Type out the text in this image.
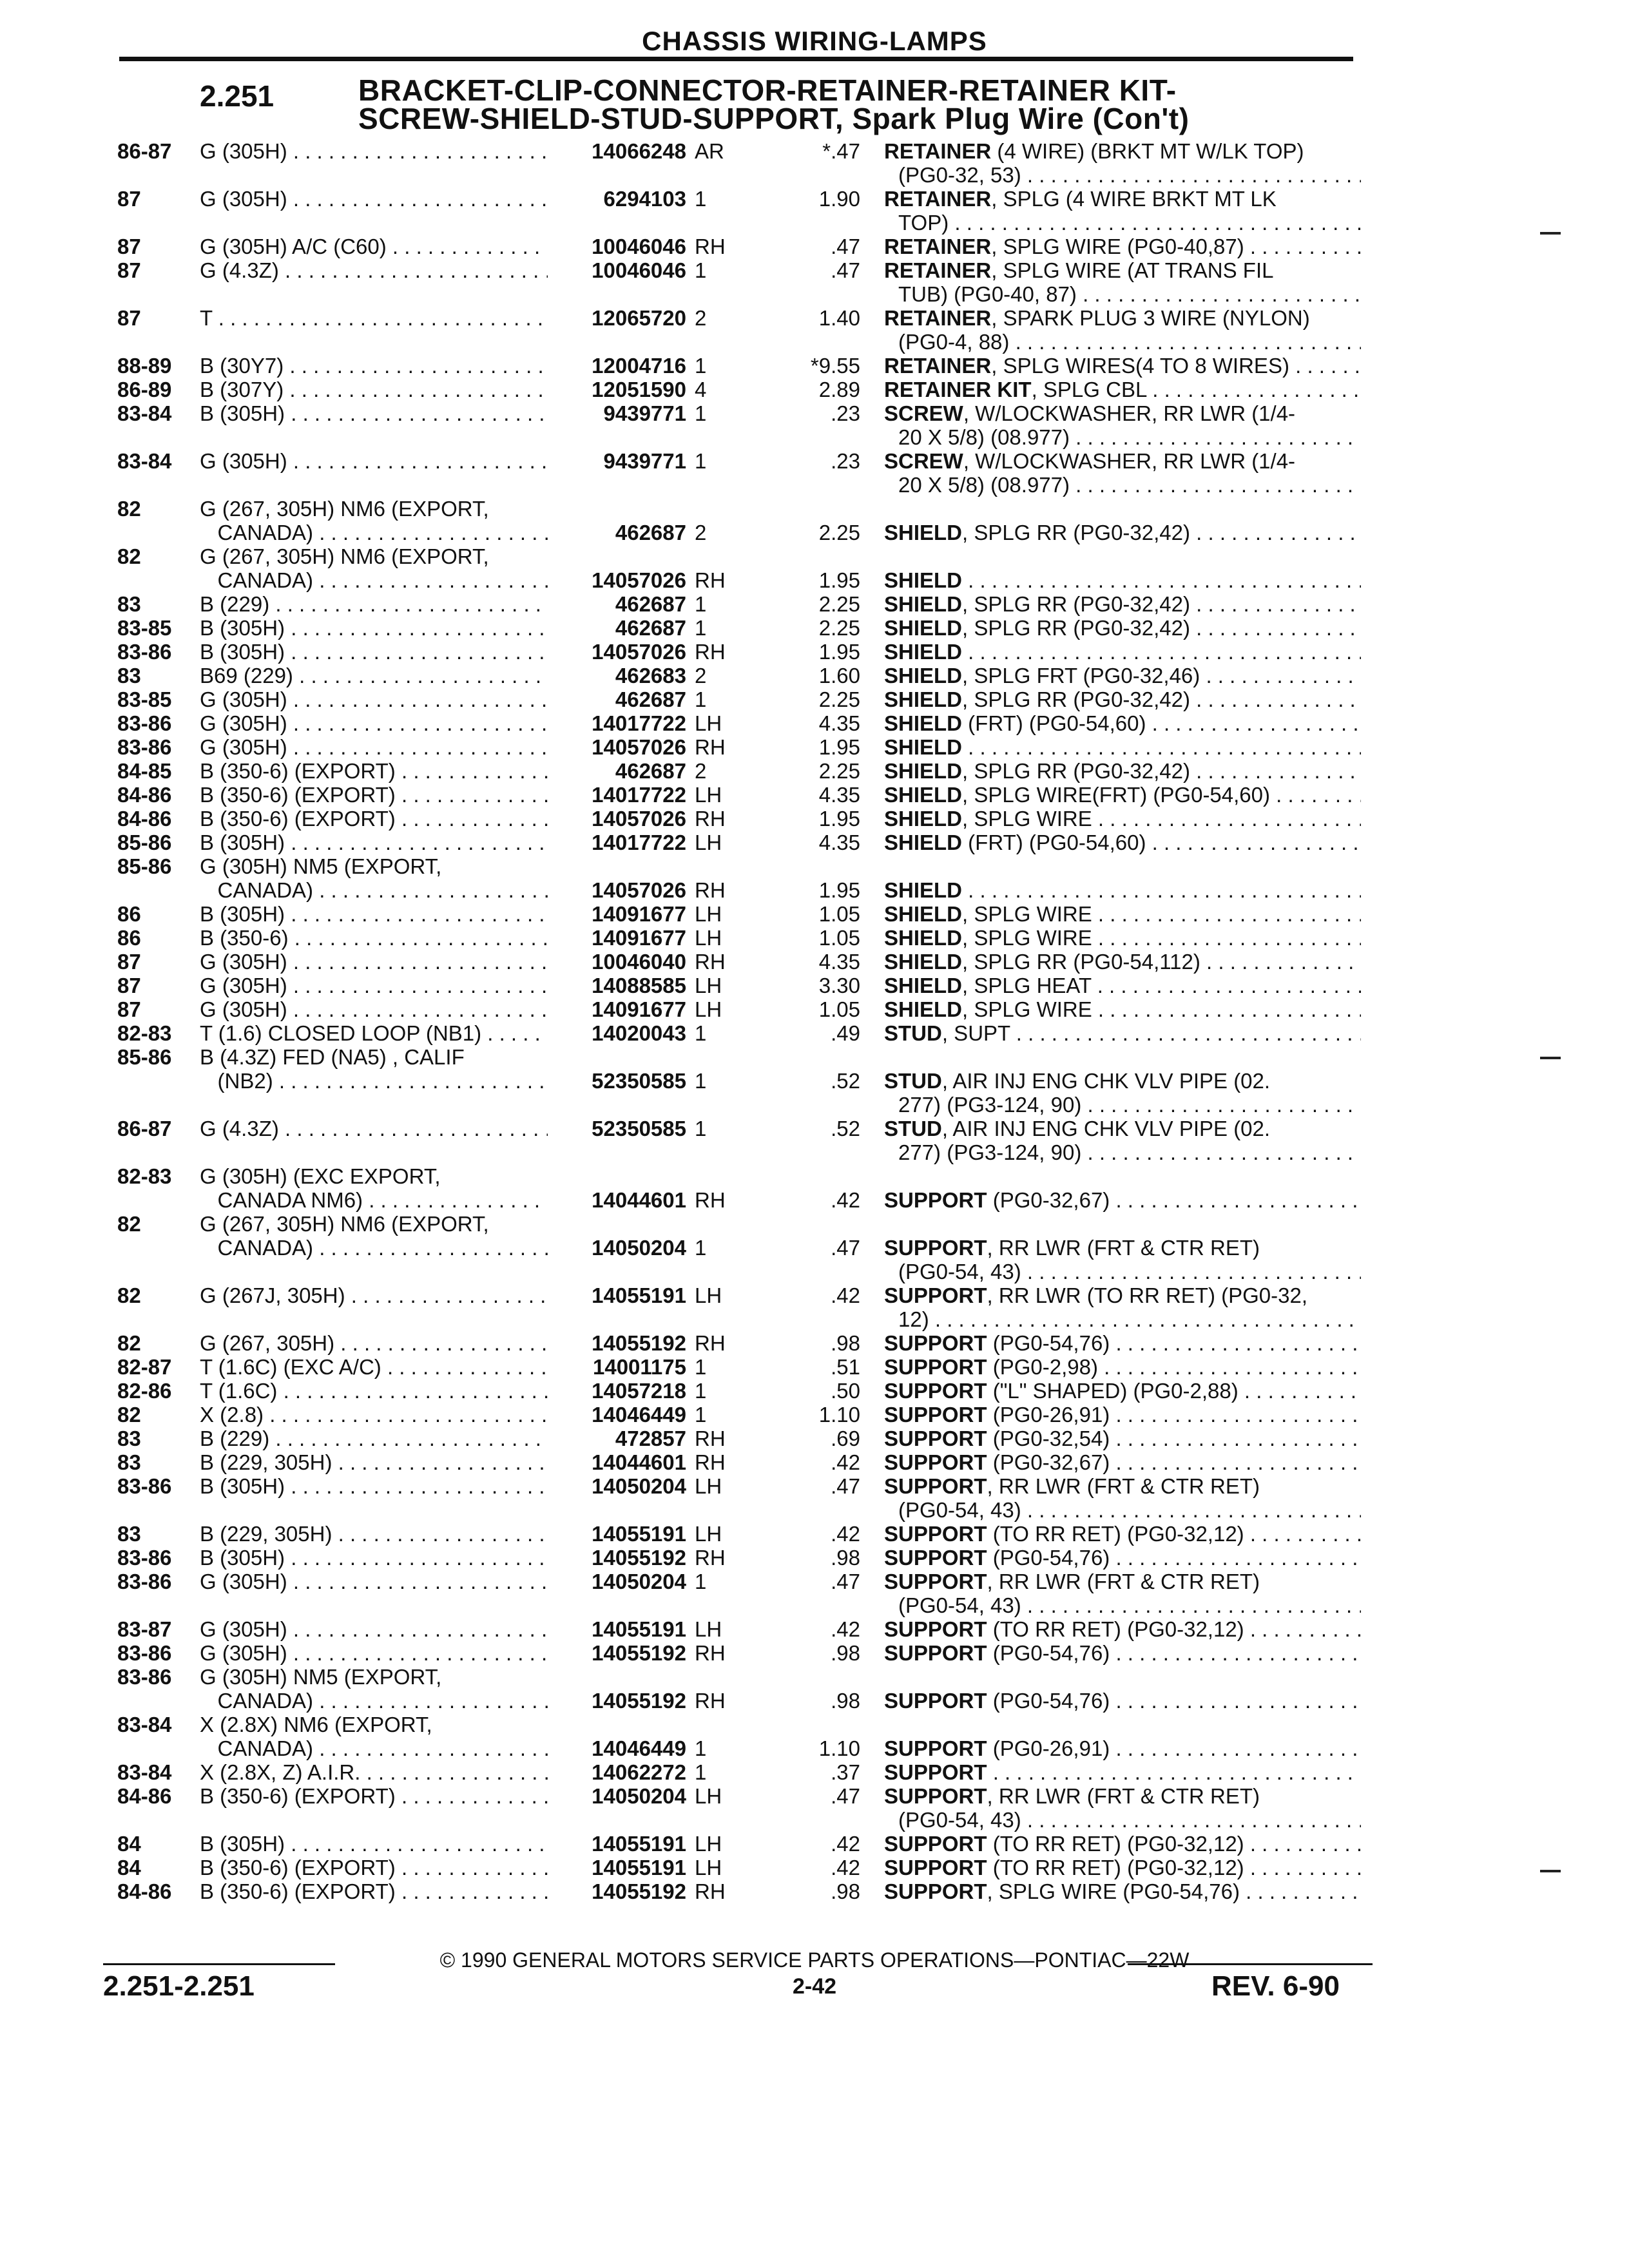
CHASSIS WIRING-LAMPS
2.251	BRACKET-CLIP-CONNECTOR-RETAINER-RETAINER KIT-
SCREW-SHIELD-STUD-SUPPORT, Spark Plug Wire (Con't)
86-87 G (305H) . . .	14066248 AR	*.47 RETAINER (4 WIRE) (BRKT MT W/LK TOP)
(PG0-32, 53) . . .
87	G (305H) . . .	6294103 1	1.90 RETAINER, SPLG (4 WIRE BRKT MT LK
TOP) . . .
87	G (305H) A/C (C60) . . .	10046046 RH	.47 RETAINER, SPLG WIRE (PG0-40,87) . . .
87	G (4.3Z) . . .	10046046 1	.47 RETAINER, SPLG WIRE (AT TRANS FIL
TUB) (PG0-40, 87) . . .
87	T . . .	12065720 2	1.40 RETAINER, SPARK PLUG 3 WIRE (NYLON)
(PG0-4, 88) . . .
88-89 B (30Y7) . . .	12004716 1	*9.55 RETAINER, SPLG WIRES(4 TO 8 WIRES) . . .
86-89 B (307Y) . . .	12051590 4	2.89 RETAINER KIT, SPLG CBL . . .
83-84 B (305H) . . .	9439771 1	.23 SCREW, W/LOCKWASHER, RR LWR (1/4-
20 X 5/8) (08.977) . . .
83-84 G (305H) . . .	9439771 1	.23 SCREW, W/LOCKWASHER, RR LWR (1/4-
20 X 5/8) (08.977) . . .
82	G (267, 305H) NM6 (EXPORT,
CANADA) . . .	462687 2	2.25 SHIELD, SPLG RR (PG0-32,42) . . .
82	G (267, 305H) NM6 (EXPORT,
CANADA) . . .	14057026 RH	1.95 SHIELD . . .
83	B (229) . . .	462687 1	2.25 SHIELD, SPLG RR (PG0-32,42) . . .
83-85 B (305H) . . .	462687 1	2.25 SHIELD, SPLG RR (PG0-32,42) . . .
83-86 B (305H) . . .	14057026 RH	1.95 SHIELD . . .
83	B69 (229) . . .	462683 2	1.60 SHIELD, SPLG FRT (PG0-32,46) . . .
83-85 G (305H) . . .	462687 1	2.25 SHIELD, SPLG RR (PG0-32,42) . . .
83-86 G (305H) . . .	14017722 LH	4.35 SHIELD (FRT) (PG0-54,60) . . .
83-86 G (305H) . . .	14057026 RH	1.95 SHIELD . . .
84-85 B (350-6) (EXPORT) . . .	462687 2	2.25 SHIELD, SPLG RR (PG0-32,42) . . .
84-86 B (350-6) (EXPORT) . . .	14017722 LH	4.35 SHIELD, SPLG WIRE(FRT) (PG0-54,60) . . .
84-86 B (350-6) (EXPORT) . . .	14057026 RH	1.95 SHIELD, SPLG WIRE . . .
85-86 B (305H) . . .	14017722 LH	4.35 SHIELD (FRT) (PG0-54,60) . . .
85-86 G (305H) NM5 (EXPORT,
CANADA) . . .	14057026 RH	1.95 SHIELD . . .
86	B (305H) . . .	14091677 LH	1.05 SHIELD, SPLG WIRE . . .
86	B (350-6) . . .	14091677 LH	1.05 SHIELD, SPLG WIRE . . .
87	G (305H) . . .	10046040 RH	4.35 SHIELD, SPLG RR (PG0-54,112) . . .
87	G (305H) . . .	14088585 LH	3.30 SHIELD, SPLG HEAT . . .
87	G (305H) . . .	14091677 LH	1.05 SHIELD, SPLG WIRE . . .
82-83 T (1.6) CLOSED LOOP (NB1) . . .	14020043 1	.49 STUD, SUPT . . .
85-86 B (4.3Z) FED (NA5) , CALIF
(NB2) . . .	52350585 1	.52 STUD, AIR INJ ENG CHK VLV PIPE (02.
277) (PG3-124, 90) . . .
86-87 G (4.3Z) . . .	52350585 1	.52 STUD, AIR INJ ENG CHK VLV PIPE (02.
277) (PG3-124, 90) . . .
82-83 G (305H) (EXC EXPORT,
CANADA NM6) . . .	14044601 RH	.42 SUPPORT (PG0-32,67) . . .
82	G (267, 305H) NM6 (EXPORT,
CANADA) . . .	14050204 1	.47 SUPPORT, RR LWR (FRT & CTR RET)
(PG0-54, 43) . . .
82	G (267J, 305H) . . .	14055191 LH	.42 SUPPORT, RR LWR (TO RR RET) (PG0-32,
12) . . .
82	G (267, 305H) . . .	14055192 RH	.98 SUPPORT (PG0-54,76) . . .
82-87 T (1.6C) (EXC A/C) . . .	14001175 1	.51 SUPPORT (PG0-2,98) . . .
82-86 T (1.6C) . . .	14057218 1	.50 SUPPORT ("L" SHAPED) (PG0-2,88) . . .
82	X (2.8) . . .	14046449 1	1.10 SUPPORT (PG0-26,91) . . .
83	B (229) . . .	472857 RH	.69 SUPPORT (PG0-32,54) . . .
83	B (229, 305H) . . .	14044601 RH	.42 SUPPORT (PG0-32,67) . . .
83-86 B (305H) . . .	14050204 LH	.47 SUPPORT, RR LWR (FRT & CTR RET)
(PG0-54, 43) . . .
83	B (229, 305H) . . .	14055191 LH	.42 SUPPORT (TO RR RET) (PG0-32,12) . . .
83-86 B (305H) . . .	14055192 RH	.98 SUPPORT (PG0-54,76) . . .
83-86 G (305H) . . .	14050204 1	.47 SUPPORT, RR LWR (FRT & CTR RET)
(PG0-54, 43) . . .
83-87 G (305H) . . .	14055191 LH	.42 SUPPORT (TO RR RET) (PG0-32,12) . . .
83-86 G (305H) . . .	14055192 RH	.98 SUPPORT (PG0-54,76) . . .
83-86 G (305H) NM5 (EXPORT,
CANADA) . . .	14055192 RH	.98 SUPPORT (PG0-54,76) . . .
83-84 X (2.8X) NM6 (EXPORT,
CANADA) . . .	14046449 1	1.10 SUPPORT (PG0-26,91) . . .
83-84 X (2.8X, Z) A.I.R. . . .	14062272 1	.37 SUPPORT . . .
84-86 B (350-6) (EXPORT) . . .	14050204 LH	.47 SUPPORT, RR LWR (FRT & CTR RET)
(PG0-54, 43) . . .
84	B (305H) . . .	14055191 LH	.42 SUPPORT (TO RR RET) (PG0-32,12) . . .
84	B (350-6) (EXPORT) . . .	14055191 LH	.42 SUPPORT (TO RR RET) (PG0-32,12) . . .
84-86 B (350-6) (EXPORT) . . .	14055192 RH	.98 SUPPORT, SPLG WIRE (PG0-54,76) . . .
© 1990 GENERAL MOTORS SERVICE PARTS OPERATIONS—PONTIAC—22W
2.251-2.251	2-42	REV. 6-90
